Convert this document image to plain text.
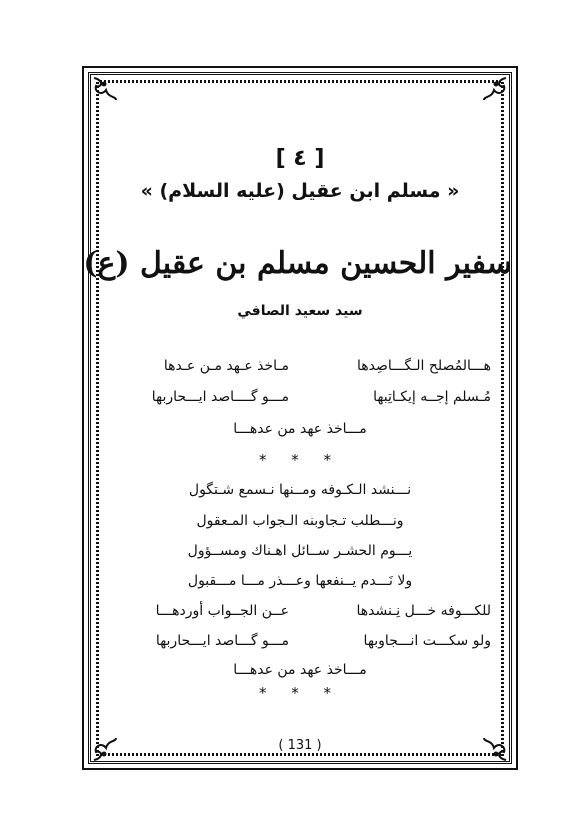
[ ٤ ]
« مسلم ابن عقيل (عليه السلام) »
سفير الحسين مسلم بن عقيل (ع)
سيد سعيد الصافي
هـــالمُصلح الـگـــاصِدها
مـاخذ عـهد مـن عـدها
مُـسلم إجــه إيكـاتِبها
مـــو گــــاصد ايـــحاربها
مـــاخذ عهد من عدهـــا
* * *
نـــنشد الـكـوفه ومــنها نـسمع شـتگول
ونـــطلب تـجاوبنه الـجواب المـعقول
يـــوم الحشـر ســائل اهـناك ومســؤول
ولا نَـــدم يــنفعها وعـــذر مـــا مـــقبول
للكـــوفه خـــل نِـنشدها
عــن الجــواب أوردهـــا
ولو سكـــت انـــجاوبها
مـــو گـــاصد ايـــحاربها
مـــاخذ عهد من عدهـــا
* * *
( 131 )
